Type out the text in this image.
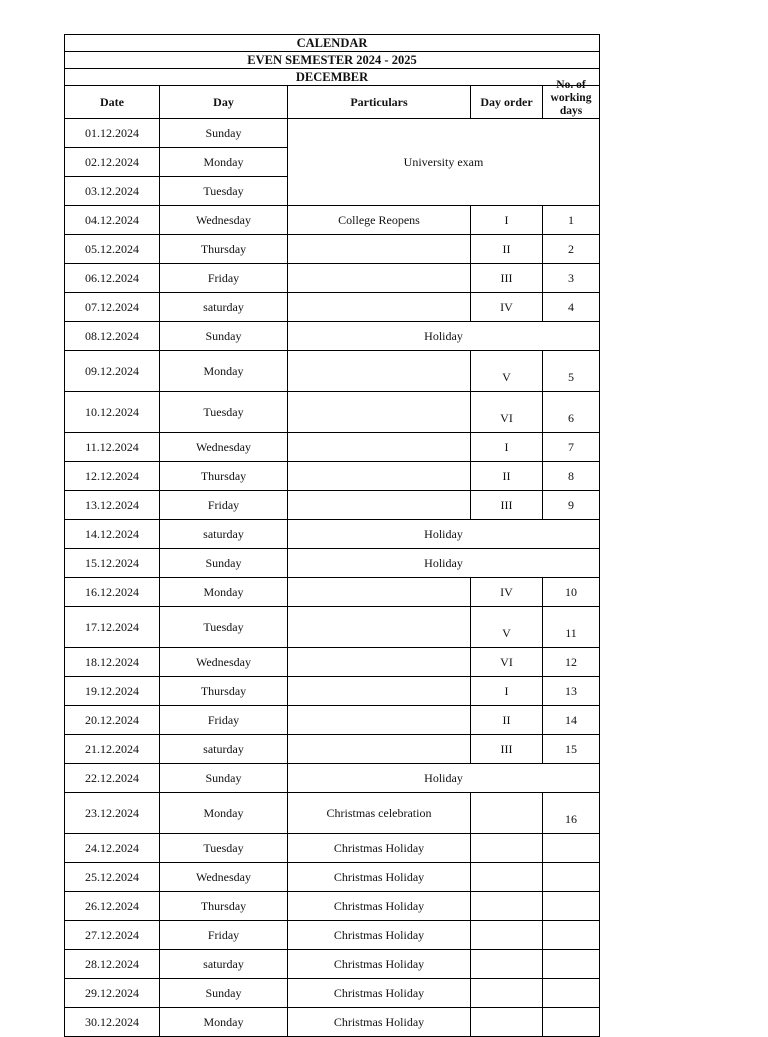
CALENDAR				
EVEN SEMESTER 2024 - 2025				
DECEMBER				
Date	Day	Particulars	Day order	No. of working days

01.12.2024	Sunday	University exam		
02.12.2024	Monday			
03.12.2024	Tuesday			
04.12.2024	Wednesday	College Reopens	I	1
05.12.2024	Thursday		II	2
06.12.2024	Friday		III	3
07.12.2024	saturday		IV	4
08.12.2024	Sunday	Holiday		
09.12.2024	Monday		V	5
10.12.2024	Tuesday		VI	6
11.12.2024	Wednesday		I	7
12.12.2024	Thursday		II	8
13.12.2024	Friday		III	9
14.12.2024	saturday	Holiday		
15.12.2024	Sunday	Holiday		
16.12.2024	Monday		IV	10
17.12.2024	Tuesday		V	11
18.12.2024	Wednesday		VI	12
19.12.2024	Thursday		I	13
20.12.2024	Friday		II	14
21.12.2024	saturday		III	15
22.12.2024	Sunday	Holiday		
23.12.2024	Monday	Christmas celebration		16
24.12.2024	Tuesday	Christmas Holiday		
25.12.2024	Wednesday	Christmas Holiday		
26.12.2024	Thursday	Christmas Holiday		
27.12.2024	Friday	Christmas Holiday		
28.12.2024	saturday	Christmas Holiday		
29.12.2024	Sunday	Christmas Holiday		
30.12.2024	Monday	Christmas Holiday		
